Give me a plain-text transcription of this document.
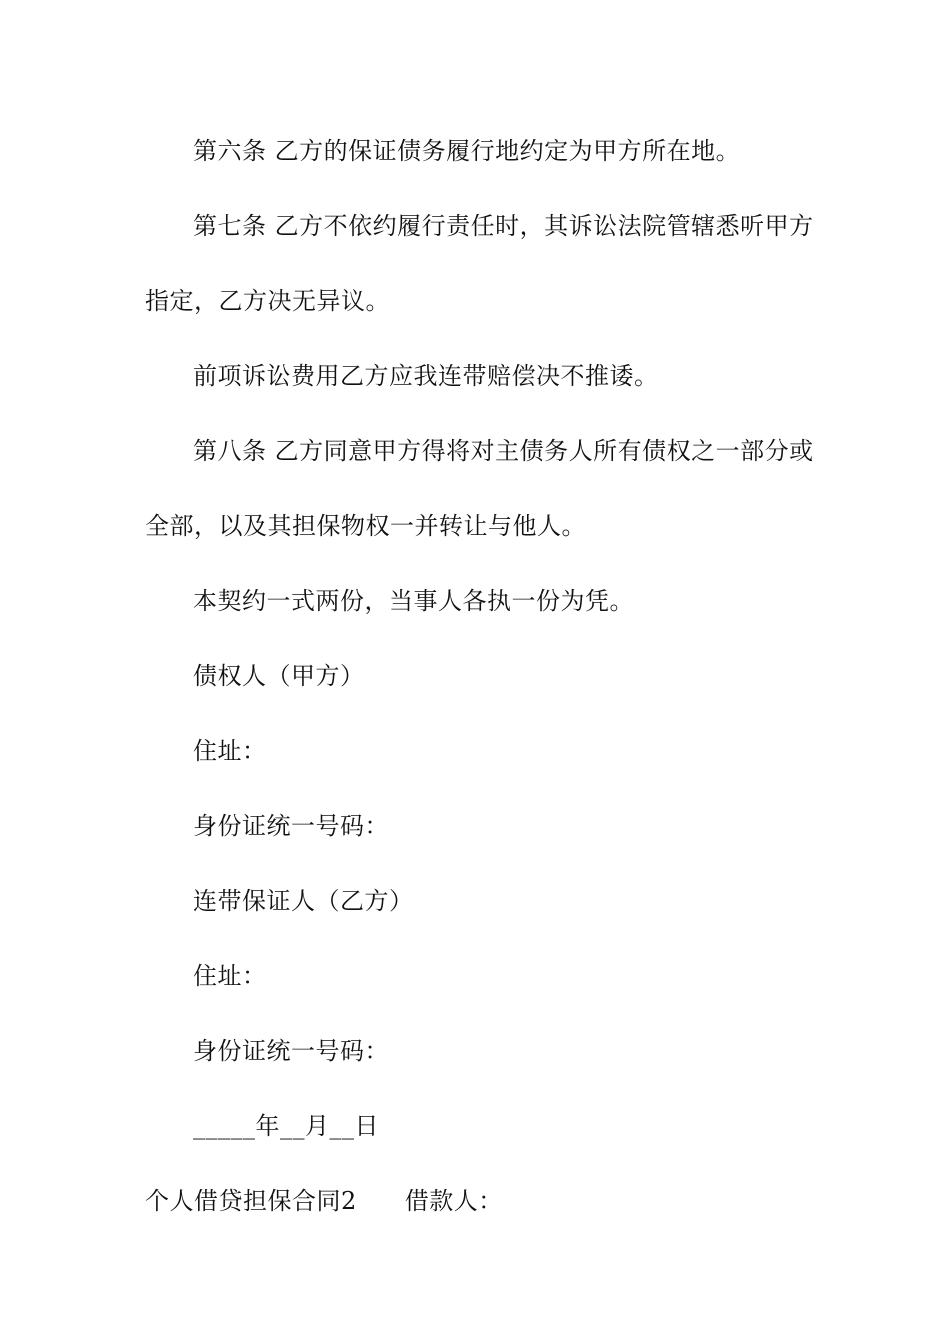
第六条 乙方的保证债务履行地约定为甲方所在地。
第七条 乙方不依约履行责任时，其诉讼法院管辖悉听甲方
指定，乙方决无异议。
前项诉讼费用乙方应我连带赔偿决不推诿。
第八条 乙方同意甲方得将对主债务人所有债权之一部分或
全部，以及其担保物权一并转让与他人。
本契约一式两份，当事人各执一份为凭。
债权人（甲方）
住址：
身份证统一号码：
连带保证人（乙方）
住址：
身份证统一号码：
_____年__月__日
个人借贷担保合同2 借款人：
